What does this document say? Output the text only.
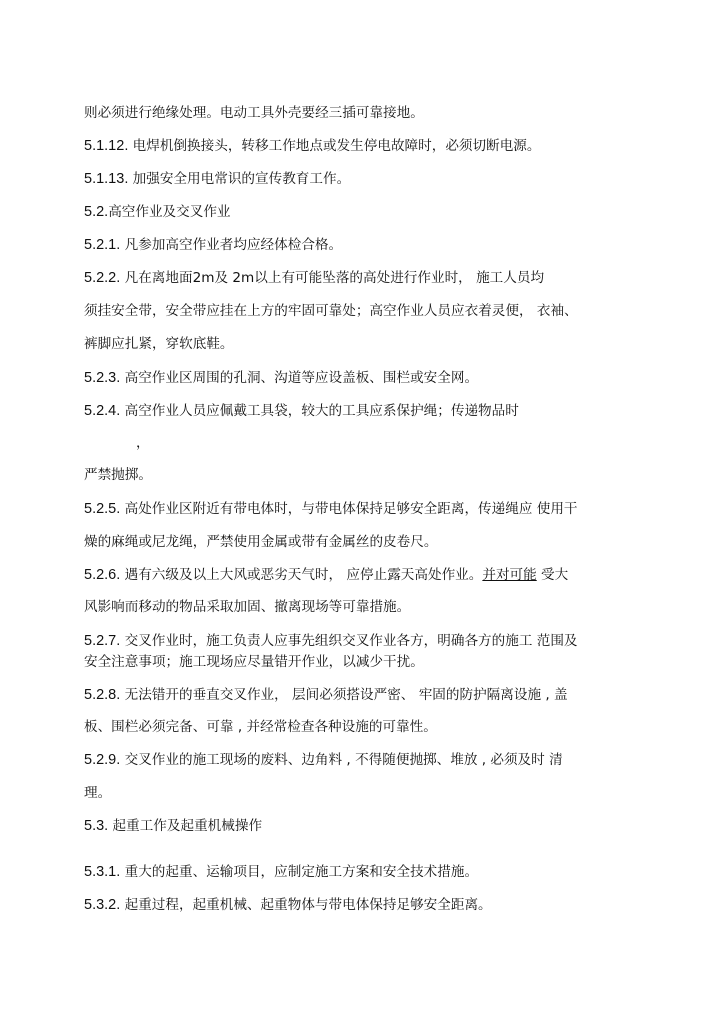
则必须进行绝缘处理。电动工具外壳要经三插可靠接地。
5.1.12. 电焊机倒换接头，转移工作地点或发生停电故障时，必须切断电源。
5.1.13. 加强安全用电常识的宣传教育工作。
5.2.高空作业及交叉作业
5.2.1. 凡参加高空作业者均应经体检合格。
5.2.2. 凡在离地面2m及 2m以上有可能坠落的高处进行作业时， 施工人员均
须挂安全带，安全带应挂在上方的牢固可靠处；高空作业人员应衣着灵便， 衣袖、
裤脚应扎紧，穿软底鞋。
5.2.3. 高空作业区周围的孔洞、沟道等应设盖板、围栏或安全网。
5.2.4. 高空作业人员应佩戴工具袋，较大的工具应系保护绳；传递物品时
，
严禁抛掷。
5.2.5. 高处作业区附近有带电体时，与带电体保持足够安全距离，传递绳应 使用干
燥的麻绳或尼龙绳，严禁使用金属或带有金属丝的皮卷尺。
5.2.6. 遇有六级及以上大风或恶劣天气时， 应停止露天高处作业。并对可能 受大
风影响而移动的物品采取加固、撤离现场等可靠措施。
5.2.7. 交叉作业时，施工负责人应事先组织交叉作业各方，明确各方的施工 范围及
安全注意事项；施工现场应尽量错开作业，以减少干扰。
5.2.8. 无法错开的垂直交叉作业， 层间必须搭设严密、 牢固的防护隔离设施 , 盖
板、围栏必须完备、可靠 , 并经常检查各种设施的可靠性。
5.2.9. 交叉作业的施工现场的废料、边角料 , 不得随便抛掷、堆放 , 必须及时 清
理。
5.3. 起重工作及起重机械操作
5.3.1. 重大的起重、运输项目，应制定施工方案和安全技术措施。
5.3.2. 起重过程，起重机械、起重物体与带电体保持足够安全距离。
